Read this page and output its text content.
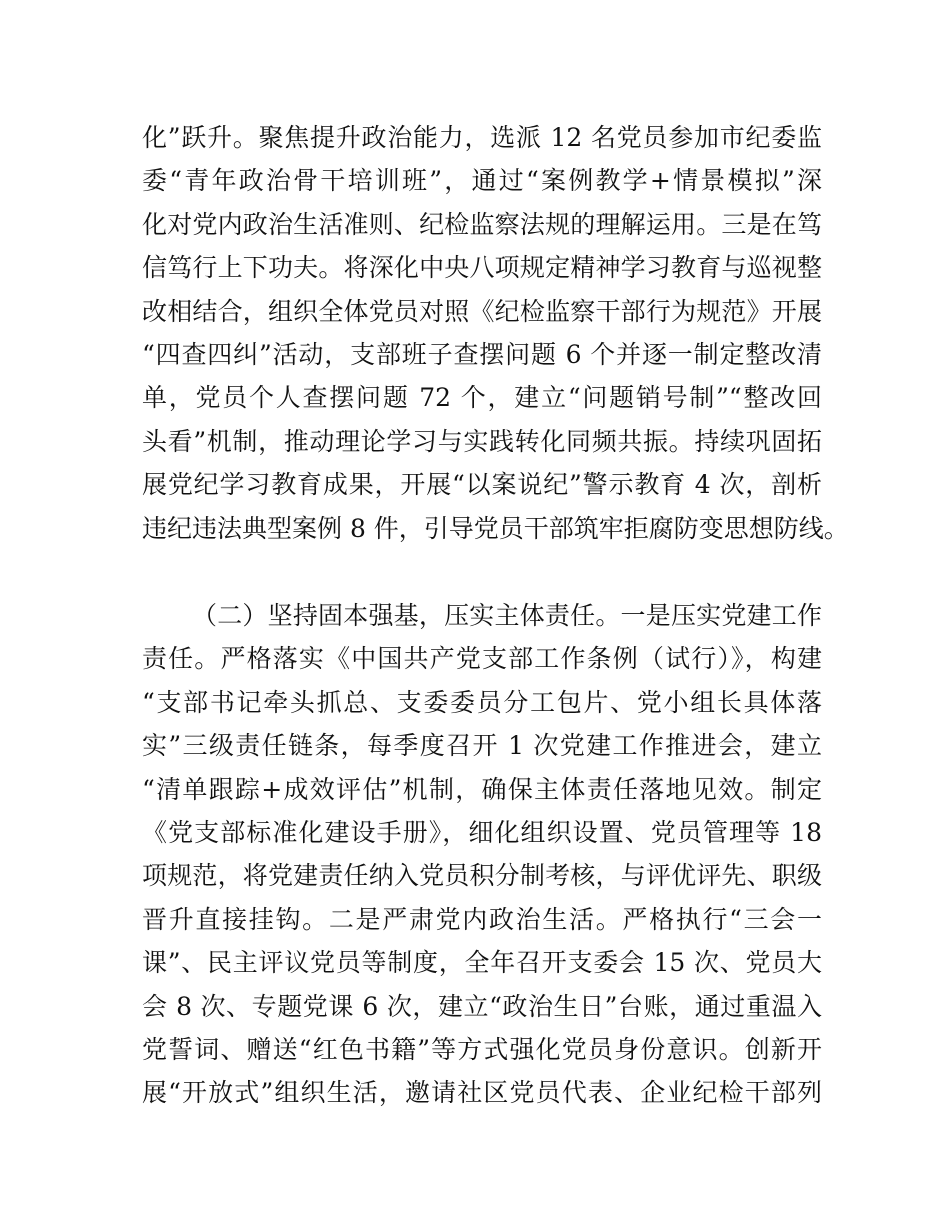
化”跃升。聚焦提升政治能力，选派 12 名党员参加市纪委监
委“青年政治骨干培训班”，通过“案例教学+情景模拟”深
化对党内政治生活准则、纪检监察法规的理解运用。三是在笃
信笃行上下功夫。将深化中央八项规定精神学习教育与巡视整
改相结合，组织全体党员对照《纪检监察干部行为规范》开展
“四查四纠”活动，支部班子查摆问题 6 个并逐一制定整改清
单，党员个人查摆问题 72 个，建立“问题销号制”“整改回
头看”机制，推动理论学习与实践转化同频共振。持续巩固拓
展党纪学习教育成果，开展“以案说纪”警示教育 4 次，剖析
违纪违法典型案例 8 件，引导党员干部筑牢拒腐防变思想防线。
（二）坚持固本强基，压实主体责任。一是压实党建工作
责任。严格落实《中国共产党支部工作条例（试行）》，构建
“支部书记牵头抓总、支委委员分工包片、党小组长具体落
实”三级责任链条，每季度召开 1 次党建工作推进会，建立
“清单跟踪+成效评估”机制，确保主体责任落地见效。制定
《党支部标准化建设手册》，细化组织设置、党员管理等 18
项规范，将党建责任纳入党员积分制考核，与评优评先、职级
晋升直接挂钩。二是严肃党内政治生活。严格执行“三会一
课”、民主评议党员等制度，全年召开支委会 15 次、党员大
会 8 次、专题党课 6 次，建立“政治生日”台账，通过重温入
党誓词、赠送“红色书籍”等方式强化党员身份意识。创新开
展“开放式”组织生活，邀请社区党员代表、企业纪检干部列
